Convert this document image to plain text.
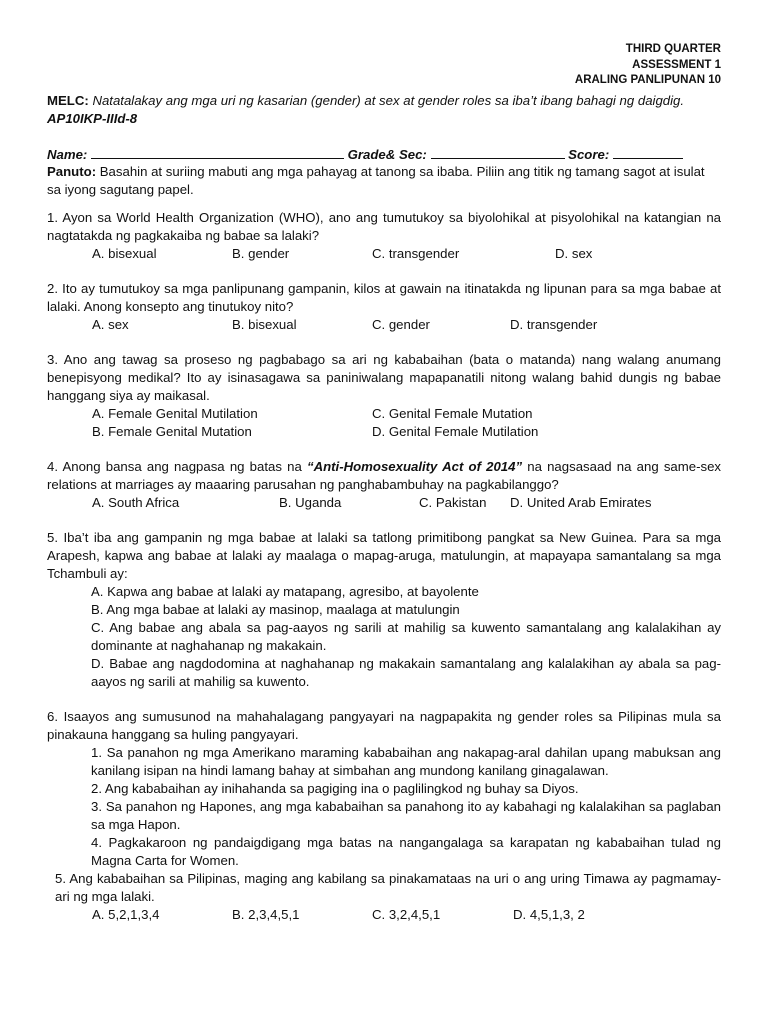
THIRD QUARTER
ASSESSMENT 1
ARALING PANLIPUNAN 10
MELC: Natatalakay ang mga uri ng kasarian (gender) at sex at gender roles sa iba’t ibang bahagi ng daigdig. AP10IKP-IIId-8
Name:	Grade& Sec:	Score:
Panuto: Basahin at suriing mabuti ang mga pahayag at tanong sa ibaba. Piliin ang titik ng tamang sagot at isulat sa iyong sagutang papel.
1. Ayon sa World Health Organization (WHO), ano ang tumutukoy sa biyolohikal at pisyolohikal na katangian na nagtatakda ng pagkakaiba ng babae sa lalaki?
A. bisexual	B. gender	C. transgender	D. sex
2. Ito ay tumutukoy sa mga panlipunang gampanin, kilos at gawain na itinatakda ng lipunan para sa mga babae at lalaki. Anong konsepto ang tinutukoy nito?
A. sex	B. bisexual	C. gender	D. transgender
3. Ano ang tawag sa proseso ng pagbabago sa ari ng kababaihan (bata o matanda) nang walang anumang benepisyong medikal? Ito ay isinasagawa sa paniniwalang mapapanatili nitong walang bahid dungis ng babae hanggang siya ay maikasal.
A. Female Genital Mutilation	C. Genital Female Mutation
B. Female Genital Mutation	D. Genital Female Mutilation
4. Anong bansa ang nagpasa ng batas na “Anti-Homosexuality Act of 2014” na nagsasaad na ang same-sex relations at marriages ay maaaring parusahan ng panghabambuhay na pagkabilanggo?
A. South Africa	B. Uganda	C. Pakistan D. United Arab Emirates
5. Iba’t iba ang gampanin ng mga babae at lalaki sa tatlong primitibong pangkat sa New Guinea. Para sa mga Arapesh, kapwa ang babae at lalaki ay maalaga o mapag-aruga, matulungin, at mapayapa samantalang sa mga Tchambuli ay:
A. Kapwa ang babae at lalaki ay matapang, agresibo, at bayolente
B. Ang mga babae at lalaki ay masinop, maalaga at matulungin
C. Ang babae ang abala sa pag-aayos ng sarili at mahilig sa kuwento samantalang ang kalalakihan ay dominante at naghahanap ng makakain.
D. Babae ang nagdodomina at naghahanap ng makakain samantalang ang kalalakihan ay abala sa pag-aayos ng sarili at mahilig sa kuwento.
6. Isaayos ang sumusunod na mahahalagang pangyayari na nagpapakita ng gender roles sa Pilipinas mula sa pinakauna hanggang sa huling pangyayari.
1. Sa panahon ng mga Amerikano maraming kababaihan ang nakapag-aral dahilan upang mabuksan ang kanilang isipan na hindi lamang bahay at simbahan ang mundong kanilang ginagalawan.
2. Ang kababaihan ay inihahanda sa pagiging ina o paglilingkod ng buhay sa Diyos.
3. Sa panahon ng Hapones, ang mga kababaihan sa panahong ito ay kabahagi ng kalalakihan sa paglaban sa mga Hapon.
4. Pagkakaroon ng pandaigdigang mga batas na nangangalaga sa karapatan ng kababaihan tulad ng Magna Carta for Women.
5. Ang kababaihan sa Pilipinas, maging ang kabilang sa pinakamataas na uri o ang uring Timawa ay pagmamay-ari ng mga lalaki.
A. 5,2,1,3,4	B. 2,3,4,5,1	C. 3,2,4,5,1	D. 4,5,1,3, 2
